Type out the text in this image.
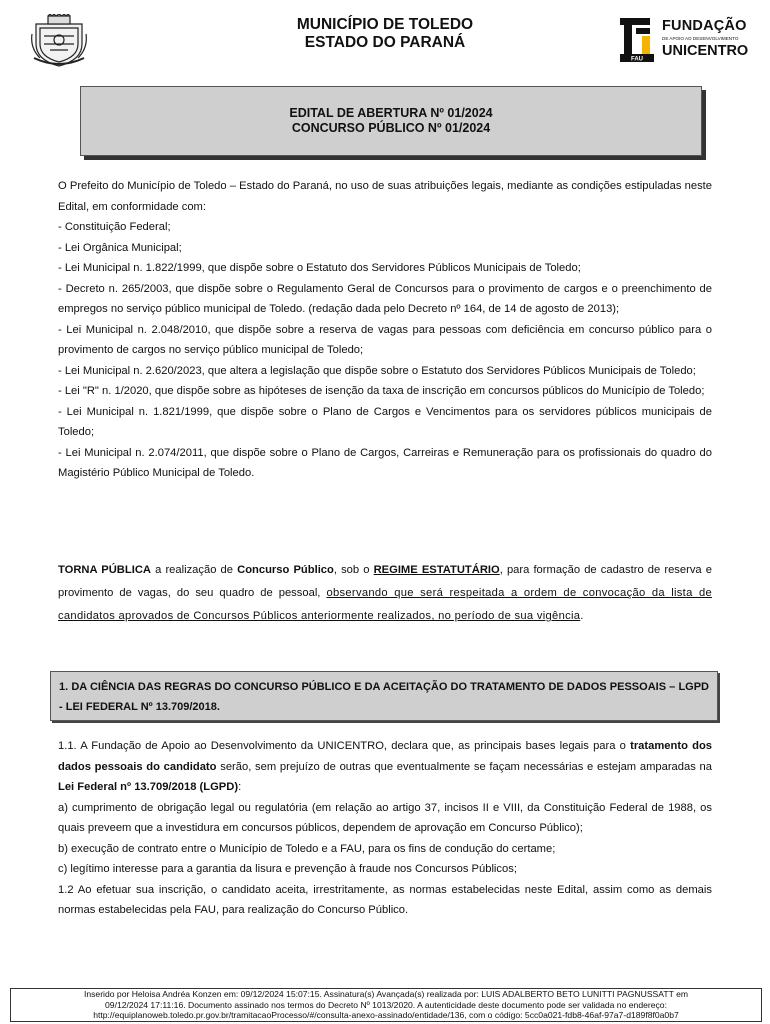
MUNICÍPIO DE TOLEDO
ESTADO DO PARANÁ
FAU
FUNDAÇÃO
DE APOIO AO DESENVOLVIMENTO
UNICENTRO
EDITAL DE ABERTURA Nº 01/2024
CONCURSO PÚBLICO Nº 01/2024

O Prefeito do Município de Toledo – Estado do Paraná, no uso de suas atribuições legais, mediante as condições estipuladas neste Edital, em conformidade com:

- Constituição Federal;

- Lei Orgânica Municipal;

- Lei Municipal n. 1.822/1999, que dispõe sobre o Estatuto dos Servidores Públicos Municipais de Toledo;

- Decreto n. 265/2003, que dispõe sobre o Regulamento Geral de Concursos para o provimento de cargos e o preenchimento de empregos no serviço público municipal de Toledo. (redação dada pelo Decreto nº 164, de 14 de agosto de 2013);

- Lei Municipal n. 2.048/2010, que dispõe sobre a reserva de vagas para pessoas com deficiência em concurso público para o provimento de cargos no serviço público municipal de Toledo;

- Lei Municipal n. 2.620/2023, que altera a legislação que dispõe sobre o Estatuto dos Servidores Públicos Municipais de Toledo;

- Lei "R" n. 1/2020, que dispõe sobre as hipóteses de isenção da taxa de inscrição em concursos públicos do Município de Toledo;

- Lei Municipal n. 1.821/1999, que dispõe sobre o Plano de Cargos e Vencimentos para os servidores públicos municipais de Toledo;

- Lei Municipal n. 2.074/2011, que dispõe sobre o Plano de Cargos, Carreiras e Remuneração para os profissionais do quadro do Magistério Público Municipal de Toledo.

TORNA PÚBLICA a realização de Concurso Público, sob o REGIME ESTATUTÁRIO, para formação de cadastro de reserva e provimento de vagas, do seu quadro de pessoal, observando que será respeitada a ordem de convocação da lista de candidatos aprovados de Concursos Públicos anteriormente realizados, no período de sua vigência.

1. DA CIÊNCIA DAS REGRAS DO CONCURSO PÚBLICO E DA ACEITAÇÃO DO TRATAMENTO DE DADOS PESSOAIS – LGPD - LEI FEDERAL Nº 13.709/2018.

1.1. A Fundação de Apoio ao Desenvolvimento da UNICENTRO, declara que, as principais bases legais para o tratamento dos dados pessoais do candidato serão, sem prejuízo de outras que eventualmente se façam necessárias e estejam amparadas na Lei Federal nº 13.709/2018 (LGPD):

a) cumprimento de obrigação legal ou regulatória (em relação ao artigo 37, incisos II e VIII, da Constituição Federal de 1988, os quais preveem que a investidura em concursos públicos, dependem de aprovação em Concurso Público);

b) execução de contrato entre o Município de Toledo e a FAU, para os fins de condução do certame;

c) legítimo interesse para a garantia da lisura e prevenção à fraude nos Concursos Públicos;

1.2 Ao efetuar sua inscrição, o candidato aceita, irrestritamente, as normas estabelecidas neste Edital, assim como as demais normas estabelecidas pela FAU, para realização do Concurso Público.

Inserido por Heloisa Andréa Konzen em: 09/12/2024 15:07:15. Assinatura(s) Avançada(s) realizada por: LUIS ADALBERTO BETO LUNITTI PAGNUSSATT em
09/12/2024 17:11:16. Documento assinado nos termos do Decreto Nº 1013/2020. A autenticidade deste documento pode ser validada no endereço:
http://equiplanoweb.toledo.pr.gov.br/tramitacaoProcesso/#/consulta-anexo-assinado/entidade/136, com o código: 5cc0a021-fdb8-46af-97a7-d189f8f0a0b7
